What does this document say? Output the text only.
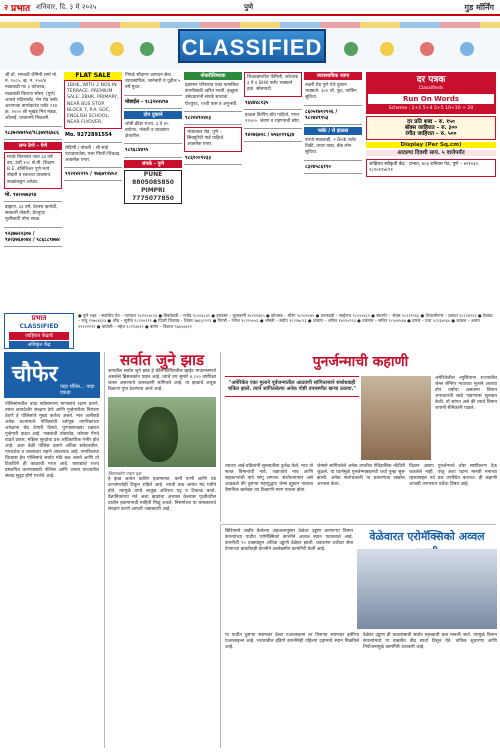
२ प्रभात शनिवार, दि. ३ मे २०२५	पुणे	गुड मॉर्निंग
CLASSIFIED
श्री डॉ. भगवती जैमिनी शर्मा मो. नं. ९०८५, व्ह. नं. २५०/४ माळवाडी गट ३ कोथरुड, माळवाडी किराया सोसा. (पुणे) आपले मंदिरफ्लॅट, मेन रोड फ्लॅट. अध्यापक डायरेक्टरेट प्लॉट २१४ क्र. २००० श्री भूखंड मित्र मंडळ, ओलाई. परवानगी मिळाली.
९८३७२४७१५४/९८३७४९६७८६
लग्न ठेणे – पेणे
मराठे चित्पावन जात ३३ वर्ष वय, उंची १५८ से.मी. शिक्षण B.E. इंजिनिअर पुणे मध्ये नोकरी व स्वतःचा व्यवसाय. स्थळांकडून अपेक्षा.
मो. ९४२०७७३९४
ब्राह्मण, ३३ वर्ष, देशस्थ ऋग्वेदी, सरकारी नोकरी, ग्रॅज्युएट मुलीसाठी योग्य स्थळ.
९२३७७२२३०७ / ९४२३७६४०४४ / ९८६८८९७७४
FLAT SALE
1BHK, WITH 2 NOS IN TERRACE. PREMIUM SALE: 2BHK, PRIMARY, NEAR BUS STOP. BLOCK 7, P.A. SOC, ENGLISH SCHOOL, NEAR FLYOVER.
Mo. 9272891554
रोहिणी / नोकरी : श्री साई एंटरप्रायजेस, पत्ता पिंपरी-चिंचवड, आकर्षक पगार.
९९२२४२२१५ / ९७६७९२४५२
पिंपळे सौदागर उत्पादन सेवा व्यावसायिक, जानेवारी ते पुढील ५ वर्षे मुदत.
मोबाईल - ९८३२४२४९७
दोन दुकाने
जोडी क्रीडा राज्य, ३ ते ४५ वयोगट, नोकरी व व्यवसाय क्षेत्रातील.
९८९६८४४९५
संपर्क - पुणे
PUNE 8805085850 PIMPRI 7775077850
नोकरीविषयक
हडपसर परिसरात एका नामांकित कंपनीसाठी त्वरित भरती. इच्छुक उमेदवारांनी संपर्क साधावा. ग्रॅज्युएट, १२वी पास व अनुभवी.
९८२०४९०४०३
भांडारकर रोड, पुणे – सिक्युरिटी गार्ड पाहिजे. आकर्षक पगार.
९८६१००९२३३
चिंचवडमधील फॅमिली, कोथरुड ३ ते ४ BHK फ्लॅट भाड्याने हवा. सोसायटी.
९६४४४८१३५
हाऊस किपिंग बॉय पाहिजे, पगार १२०००. जेवण व राहण्याची सोय.
९४२७६७२८ / ७५६०११६३४
व्यावसायिक जागा
लक्ष्मी रोड पुणे येथे दुकान भाड्याने. ३०० चौ. फूट, पार्किंग सुविधा.
८६०५१७१२९२६ / ९८२४४९९५३
फ्लॅट / रो हाऊस
वारजे माळवाडी, २ BHK फ्लॅट विक्री, तयार ताबा, बँक लोन सुविधा.
८३२४५८६१९०
दर पत्रक
Classifieds
Run On Words
Scheme : 2+1 5+4 5+5 10+10 + 20
दर प्रति शब्द – रु. १५०
बॉक्स जाहिरात – रु. ३००
रंगीत जाहिरात – रु. ५००
Display (Per Sq.cm)
आदल्या दिवशी सायं. ५ वाजेपर्यंत
जाहिरात स्वीकृती केंद्र : प्रभात, ४०३ शनिवार पेठ, पुणे – ४११०३०. ९८९०१९४८९१
प्रभात
CLASSIFIED
जाहिरात केंद्राचे
अधिकृत केंद्र
● पुणे शहर – सदाशिव पेठ – नारायण ९८२२०४८२३ ● बिबवेवाडी – राजेंद्र ९८५०४८३२ ● हडपसर – कुलकर्णी ९४२२२६६५ ● कोथरुड – श्रीरंग ९८५०१०४५ ● धनकवडी – साईनाथ ९८२२०४८५ ● स्वारगेट – श्रेयस ९८२२९९६६ ● शिवाजीनगर – प्रकाश ९८२२४१२३ ● येरवडा – राजू ९९७०६६२३ ● औंध – सुनील ९८२२०११२ ● पिंपरी चिंचवड – शिवम ९७६६२२१९ ● निगडी – गणेश ९८२२५५५६ ● भोसरी – संदीप ९८२२७८२३ ● चाकण – अनिल ९४२२०१२३ ● तळेगाव – सचिन ९८५०४५६७ ● वारजे – दत्ता ९८२३४५६० ● कात्रज – अजय ९९२२२११२ ● वाघोली – महेश ९८२२३४१२ ● बाणेर – विशाल ९७६५४३२१
चौफेर
पाहा चौफेर... पाहा एकदा
पोलिसांमधील वादा सर्वसामान्य माणसांचे रक्षण करणे. त्यांना कायदेशीर संरक्षण देणे आणि गुन्हेगारीवर नियंत्रण ठेवणे हे पोलिसांचे मुख्य कर्तव्य असते. मात्र अलीकडे अनेक घटनांमध्ये पोलिसांची वर्तणूक नागरिकांच्या अपेक्षांना छेद देणारी दिसते. पुण्यासारख्या शहरात गुन्हेगारी वाढत आहे. गाड्यांची तोडफोड, कोयता गँगचे वाढते प्रकार, महिला सुरक्षेचा प्रश्न अधिकाधिक गंभीर होत आहे. अशा वेळी पोलिस दलाने अधिक संवेदनशील, पारदर्शक व जबाबदार राहणे आवश्यक आहे. नागरिकांचा विश्वास हेच पोलिसांचे सर्वात मोठे बळ असते आणि तो टिकविणे ही काळाची गरज आहे. कायद्याचे राज्य प्रस्थापित करण्यासाठी पोलिस आणि जनता यांच्यातील संवाद सुदृढ होणे गरजेचे आहे.
सर्वात जुने झाड
जगातील सर्वात जुने झाड हे कॅलिफोर्नियातील व्हाईट माउंटन्समध्ये असलेले ब्रिसलकोन पाइन आहे. त्याचे वय सुमारे ४,८०० वर्षांपेक्षा जास्त असल्याचे शास्त्रज्ञांनी सांगितले आहे. या झाडाचे अचूक ठिकाण गुप्त ठेवण्यात आले आहे.
ब्रिसलकोन पाइन वृक्ष
हे झाड अत्यंत कठीण हवामानात, कमी पाणी आणि थंड वाऱ्यांमध्येही टिकून राहिले आहे. त्याची वाढ अत्यंत मंद गतीने होते, त्यामुळे त्याचे लाकूड अतिशय घट्ट व टिकाऊ बनते. वैज्ञानिकांच्या मते अशा झाडांचा अभ्यास केल्यास पृथ्वीवरील प्राचीन हवामानाची माहिती मिळू शकते. निसर्गाच्या या चमत्काराचे संरक्षण करणे आपली जबाबदारी आहे.
पुनर्जन्माची कहाणी
"अमेरिकेत एका मुलाने पूर्वजन्मातील आठवणी सांगितल्याने संशोधकही चकित झाले. त्याने सांगितलेल्या अनेक गोष्टी तपासणीत खऱ्या ठरल्या."
अमेरिकेतील ल्युसियाना राज्यातील जेम्स लेनिंगर नावाच्या मुलाने अवघ्या दोन वर्षांचा असताना विमान अपघाताची स्वप्ने पाहण्यास सुरुवात केली. तो सांगत असे की त्याचे विमान जपानी सैनिकांनी पाडले.
त्याच्या आई-वडिलांनी सुरुवातीला दुर्लक्ष केले, मात्र तो सतत विमानांची नावे, जहाजाचे नाव आणि सहकाऱ्यांची नावे सांगू लागला. संशोधनानंतर असे आढळले की दुसऱ्या महायुद्धात जेम्स ह्युस्टन नावाचा वैमानिक खरोखर त्या ठिकाणी मरण पावला होता.
जेम्सने सांगितलेले अनेक तपशील ऐतिहासिक नोंदींशी जुळले. या घटनेमुळे पुनर्जन्माबद्दलची चर्चा पुन्हा सुरू झाली. अनेक संशोधकांनी या प्रकरणाचा सखोल अभ्यास केला.
विज्ञान अद्याप पुनर्जन्माचे ठोस स्पष्टीकरण देऊ शकलेले नाही, परंतु अशा घटना मानवी मनाच्या रहस्यांबद्दल नवे प्रश्न उपस्थित करतात. ही कहाणी आजही जगभरात चर्चेचा विषय आहे.
सिरियमने जाहीर केलेल्या अहवालानुसार वेळेवर उड्डाण करणाऱ्या विमान कंपन्यांच्या यादीत एरोमॅक्सिको कंपनीने अव्वल स्थान पटकावले आहे. कंपनीची ९० टक्क्यांहून अधिक उड्डाणे वेळेवर झाली. प्रवाशांना दर्जेदार सेवा देण्याच्या बाबतीतही कंपनीने उल्लेखनीय कामगिरी केली आहे.
वेळेवारत एरोमॅक्सिको अव्वल
या यादीत दुसऱ्या स्थानावर डेल्टा एअरलाइन्स तर तिसऱ्या स्थानावर इबेरिया एअरलाइन्स आहे. भारतातील इंडिगो कंपनीनेही पहिल्या दहामध्ये स्थान मिळविले आहे.
वेळेवर उड्डाण ही प्रवाशांसाठी सर्वात महत्त्वाची बाब मानली जाते. त्यामुळे विमान कंपन्यांमध्ये या बाबतीत तीव्र स्पर्धा दिसून येते. तांत्रिक सुधारणा आणि नियोजनामुळे कामगिरी उंचावली आहे.
